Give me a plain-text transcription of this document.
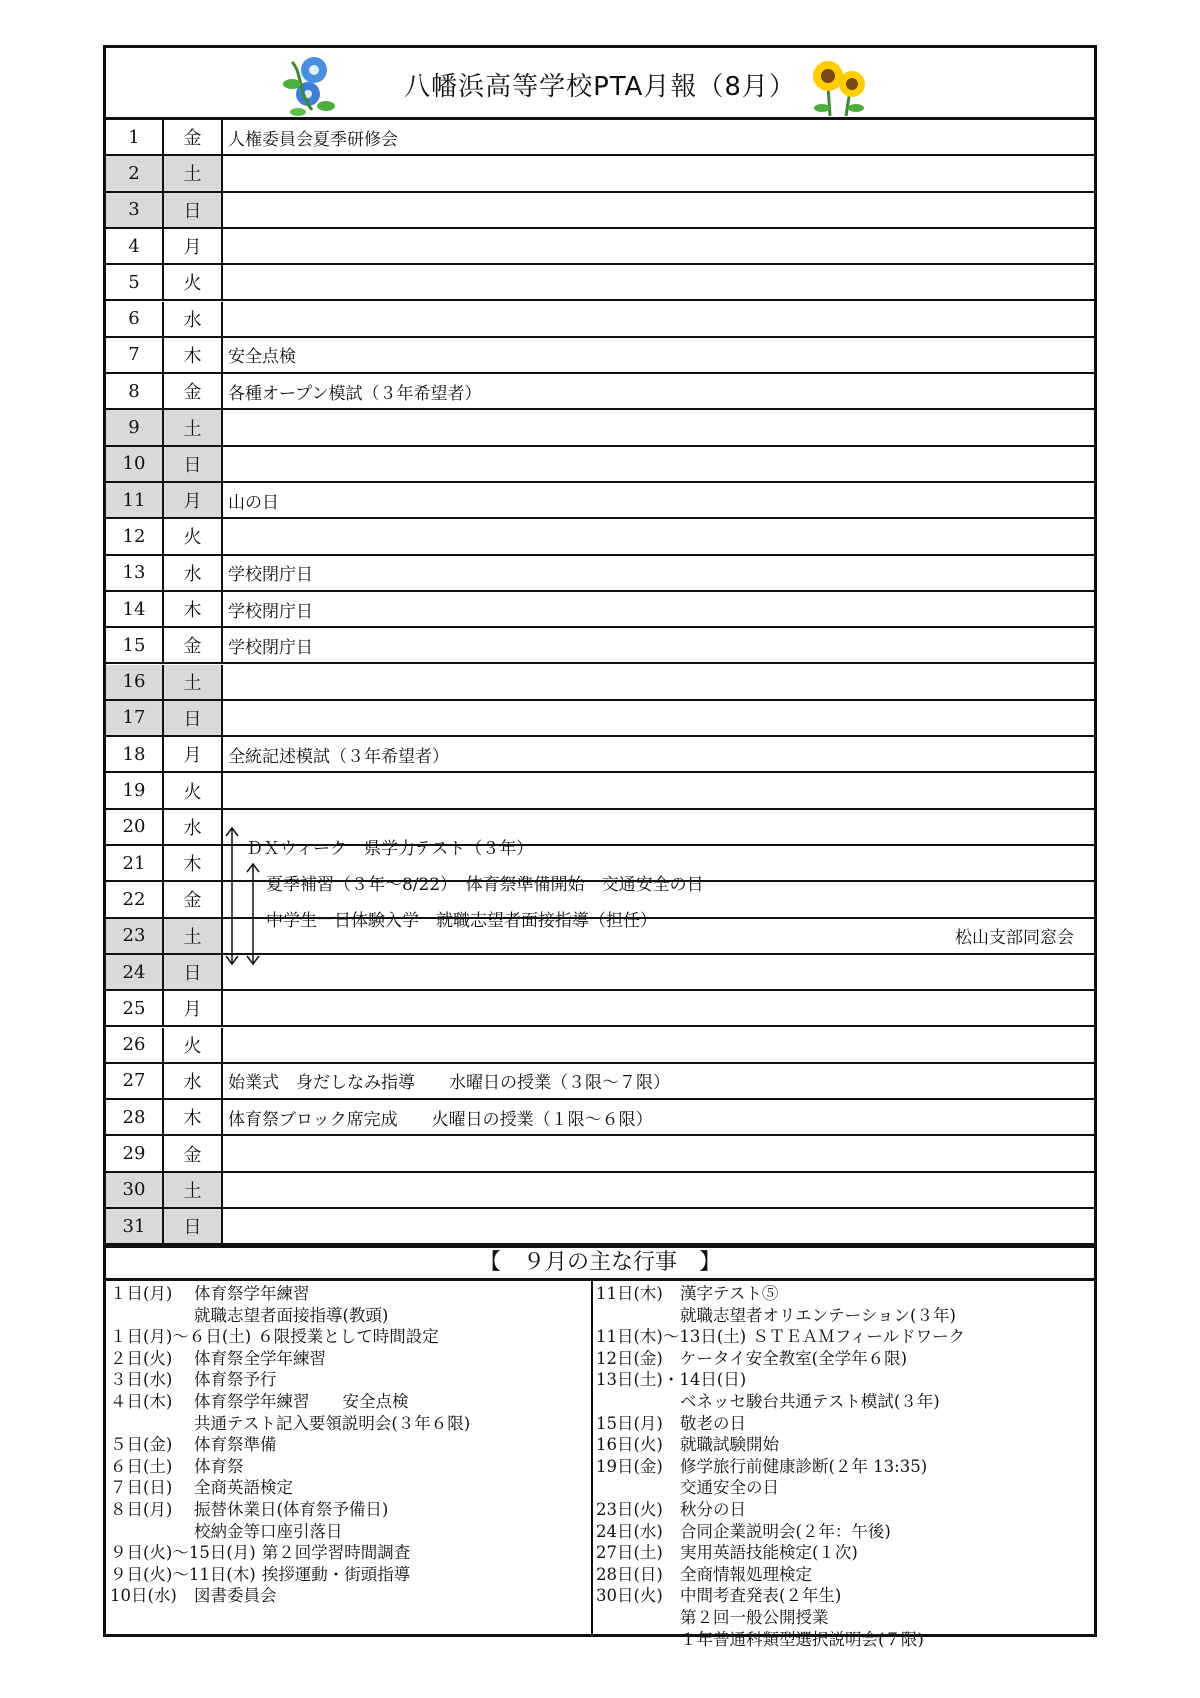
八幡浜高等学校PTA月報（8月）
1	金	人権委員会夏季研修会
2	土
3	日
4	月
5	火
6	水
7	木	安全点検
8	金	各種オープン模試（３年希望者）
9	土
10	日
11	月	山の日
12	火
13	水	学校閉庁日
14	木	学校閉庁日
15	金	学校閉庁日
16	土
17	日
18	月	全統記述模試（３年希望者）
19	火
20	水
21	木
22	金
23	土	松山支部同窓会
24	日
25	月
26	火
27	水	始業式　身だしなみ指導　　水曜日の授業（３限～７限）
28	木	体育祭ブロック席完成　　火曜日の授業（１限～６限）
29	金
30	土
31	日
ＤＸウィーク　県学力テスト（３年）
夏季補習（３年～8/22）　体育祭準備開始　交通安全の日
中学生一日体験入学　就職志望者面接指導（担任）
【　９月の主な行事　】
１日(月)	体育祭学年練習
就職志望者面接指導(教頭)
１日(月)～６日(土) ６限授業として時間設定
２日(火)	体育祭全学年練習
３日(水)	体育祭予行
４日(木)	体育祭学年練習　　安全点検
共通テスト記入要領説明会(３年６限)
５日(金)	体育祭準備
６日(土)	体育祭
７日(日)	全商英語検定
８日(月)	振替休業日(体育祭予備日)
校納金等口座引落日
９日(火)～15日(月) 第２回学習時間調査
９日(火)～11日(木) 挨拶運動・街頭指導
10日(水)	図書委員会
11日(木)	漢字テスト⑤
就職志望者オリエンテーション(３年)
11日(木)～13日(土) ＳＴＥＡＭフィールドワーク
12日(金)	ケータイ安全教室(全学年６限)
13日(土)・14日(日)
ベネッセ駿台共通テスト模試(３年)
15日(月)	敬老の日
16日(火)	就職試験開始
19日(金)	修学旅行前健康診断(２年 13:35)
交通安全の日
23日(火)	秋分の日
24日(水)	合同企業説明会(２年：午後)
27日(土)	実用英語技能検定(１次)
28日(日)	全商情報処理検定
30日(火)	中間考査発表(２年生)
第２回一般公開授業
１年普通科類型選択説明会(７限)
